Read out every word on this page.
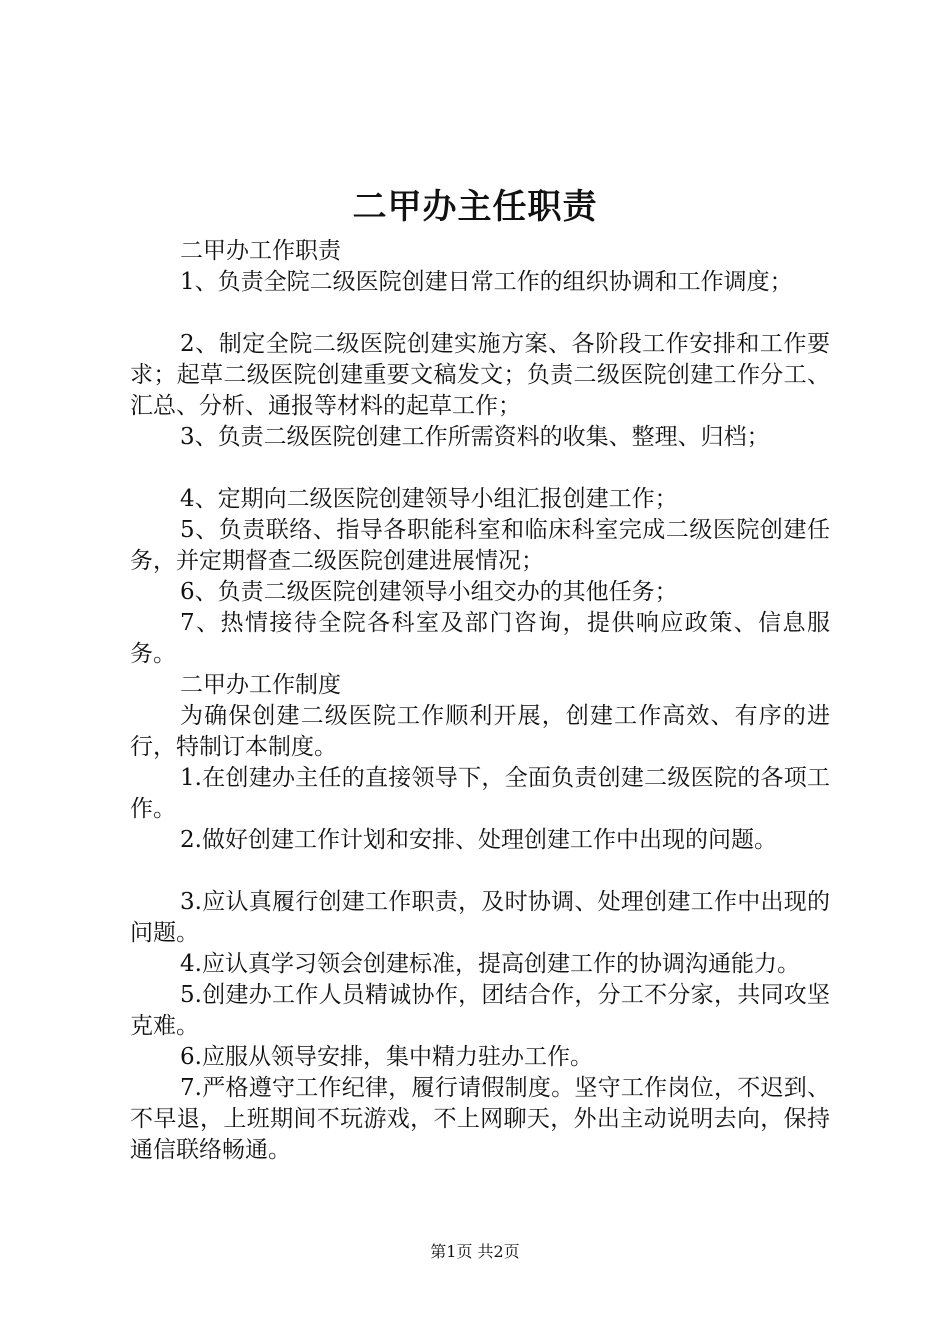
二甲办主任职责

二甲办工作职责

1、负责全院二级医院创建日常工作的组织协调和工作调度；

2、制定全院二级医院创建实施方案、各阶段工作安排和工作要求；起草二级医院创建重要文稿发文；负责二级医院创建工作分工、汇总、分析、通报等材料的起草工作；

3、负责二级医院创建工作所需资料的收集、整理、归档；

4、定期向二级医院创建领导小组汇报创建工作；

5、负责联络、指导各职能科室和临床科室完成二级医院创建任务，并定期督查二级医院创建进展情况；

6、负责二级医院创建领导小组交办的其他任务；

7、热情接待全院各科室及部门咨询，提供响应政策、信息服务。

二甲办工作制度

为确保创建二级医院工作顺利开展，创建工作高效、有序的进行，特制订本制度。

1.在创建办主任的直接领导下，全面负责创建二级医院的各项工作。

2.做好创建工作计划和安排、处理创建工作中出现的问题。

3.应认真履行创建工作职责，及时协调、处理创建工作中出现的问题。

4.应认真学习领会创建标准，提高创建工作的协调沟通能力。

5.创建办工作人员精诚协作，团结合作，分工不分家，共同攻坚克难。

6.应服从领导安排，集中精力驻办工作。

7.严格遵守工作纪律，履行请假制度。坚守工作岗位，不迟到、不早退，上班期间不玩游戏，不上网聊天，外出主动说明去向，保持通信联络畅通。

第1页 共2页
